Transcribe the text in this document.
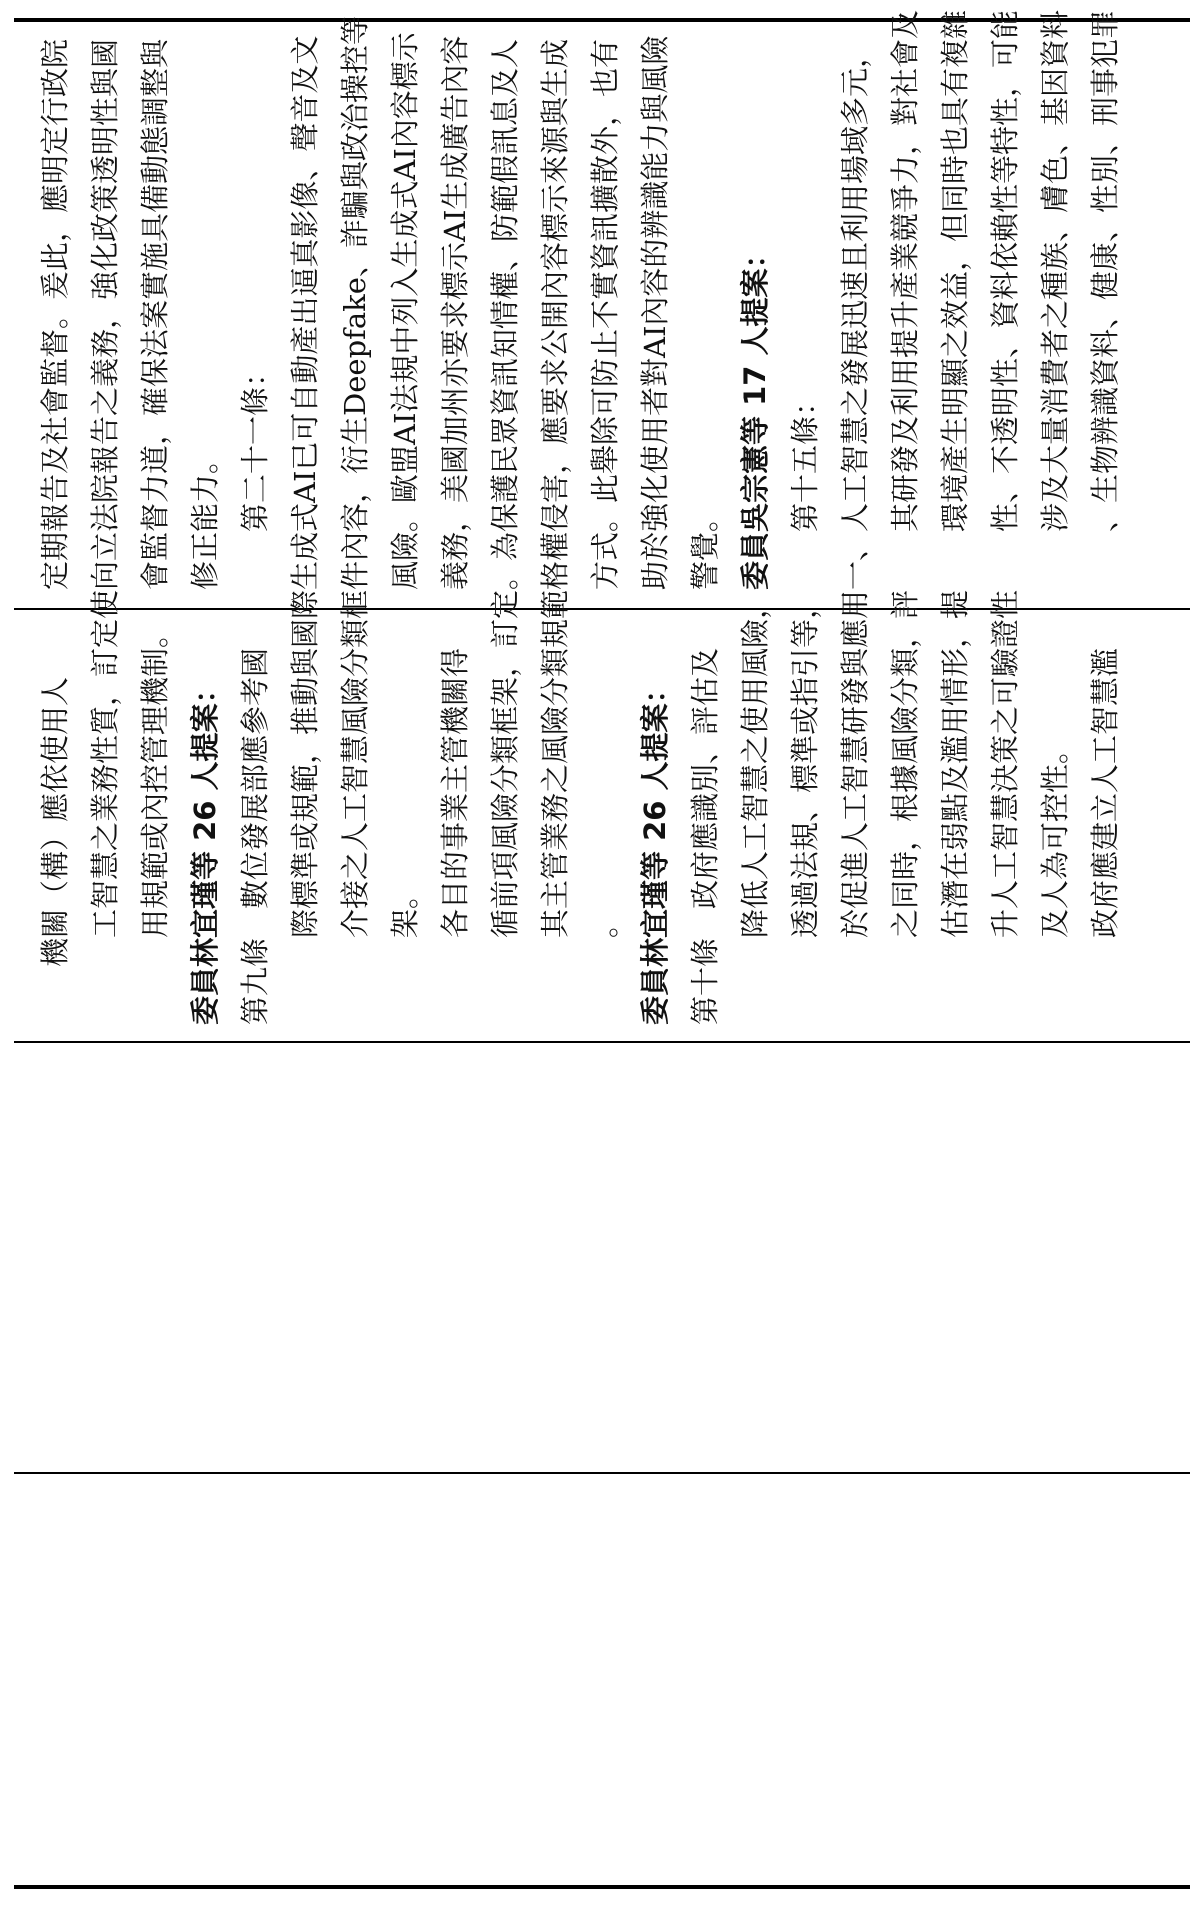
定期報告及社會監督。爰此，應明定行政院 向立法院報告之義務，強化政策透明性與國 會監督力道，確保法案實施具備動態調整與 修正能力。 第二十一條： 生成式AI已可自動產出逼真影像、聲音及文 件內容，衍生Deepfake、詐騙與政治操控等 風險。歐盟AI法規中列入生成式AI內容標示 義務，美國加州亦要求標示AI生成廣告內容 。為保護民眾資訊知情權、防範假訊息及人 格權侵害，應要求公開內容標示來源與生成 方式。此舉除可防止不實資訊擴散外，也有 助於強化使用者對AI內容的辨識能力與風險 警覺。 委員吳宗憲等 17 人提案： 第十五條： 一、人工智慧之發展迅速且利用場域多元， 其研發及利用提升產業競爭力，對社會及 環境產生明顯之效益，但同時也具有複雜 性、不透明性、資料依賴性等特性，可能 涉及大量消費者之種族、膚色、基因資料 、生物辨識資料、健康、性別、刑事犯罪
機關（構）應依使用人 工智慧之業務性質，訂定使 用規範或內控管理機制。 委員林宜瑾等 26 人提案： 第九條　數位發展部應參考國 際標準或規範，推動與國際 介接之人工智慧風險分類框 架。 各目的事業主管機關得 循前項風險分類框架，訂定 其主管業務之風險分類規範 。 委員林宜瑾等 26 人提案： 第十條　政府應識別、評估及 降低人工智慧之使用風險， 透過法規、標準或指引等， 於促進人工智慧研發與應用 之同時，根據風險分類，評 估潛在弱點及濫用情形，提 升人工智慧決策之可驗證性 及人為可控性。 政府應建立人工智慧濫
